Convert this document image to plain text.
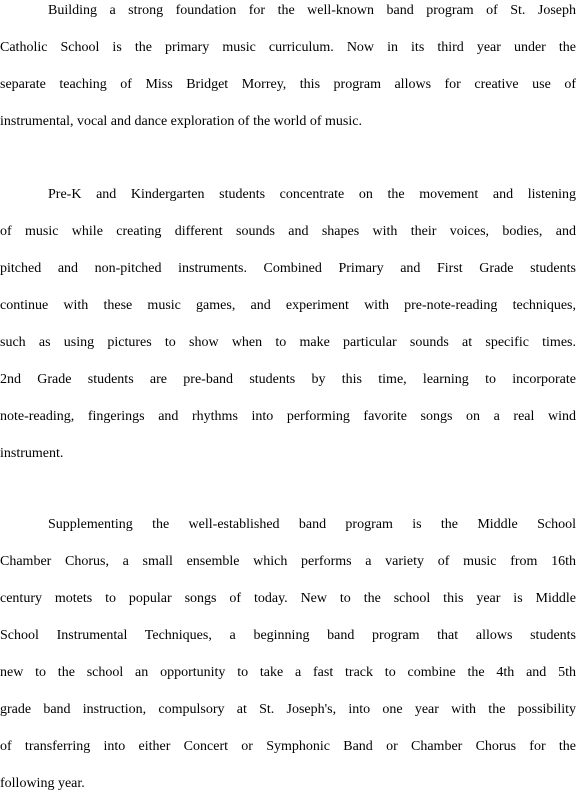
Building a strong foundation for the well-known band program of St. Joseph
Catholic School is the primary music curriculum. Now in its third year under the
separate teaching of Miss Bridget Morrey, this program allows for creative use of
instrumental, vocal and dance exploration of the world of music.
Pre-K and Kindergarten students concentrate on the movement and listening
of music while creating different sounds and shapes with their voices, bodies, and
pitched and non-pitched instruments. Combined Primary and First Grade students
continue with these music games, and experiment with pre-note-reading techniques,
such as using pictures to show when to make particular sounds at specific times.
2nd Grade students are pre-band students by this time, learning to incorporate
note-reading, fingerings and rhythms into performing favorite songs on a real wind
instrument.
Supplementing the well-established band program is the Middle School
Chamber Chorus, a small ensemble which performs a variety of music from 16th
century motets to popular songs of today. New to the school this year is Middle
School Instrumental Techniques, a beginning band program that allows students
new to the school an opportunity to take a fast track to combine the 4th and 5th
grade band instruction, compulsory at St. Joseph's, into one year with the possibility
of transferring into either Concert or Symphonic Band or Chamber Chorus for the
following year.
